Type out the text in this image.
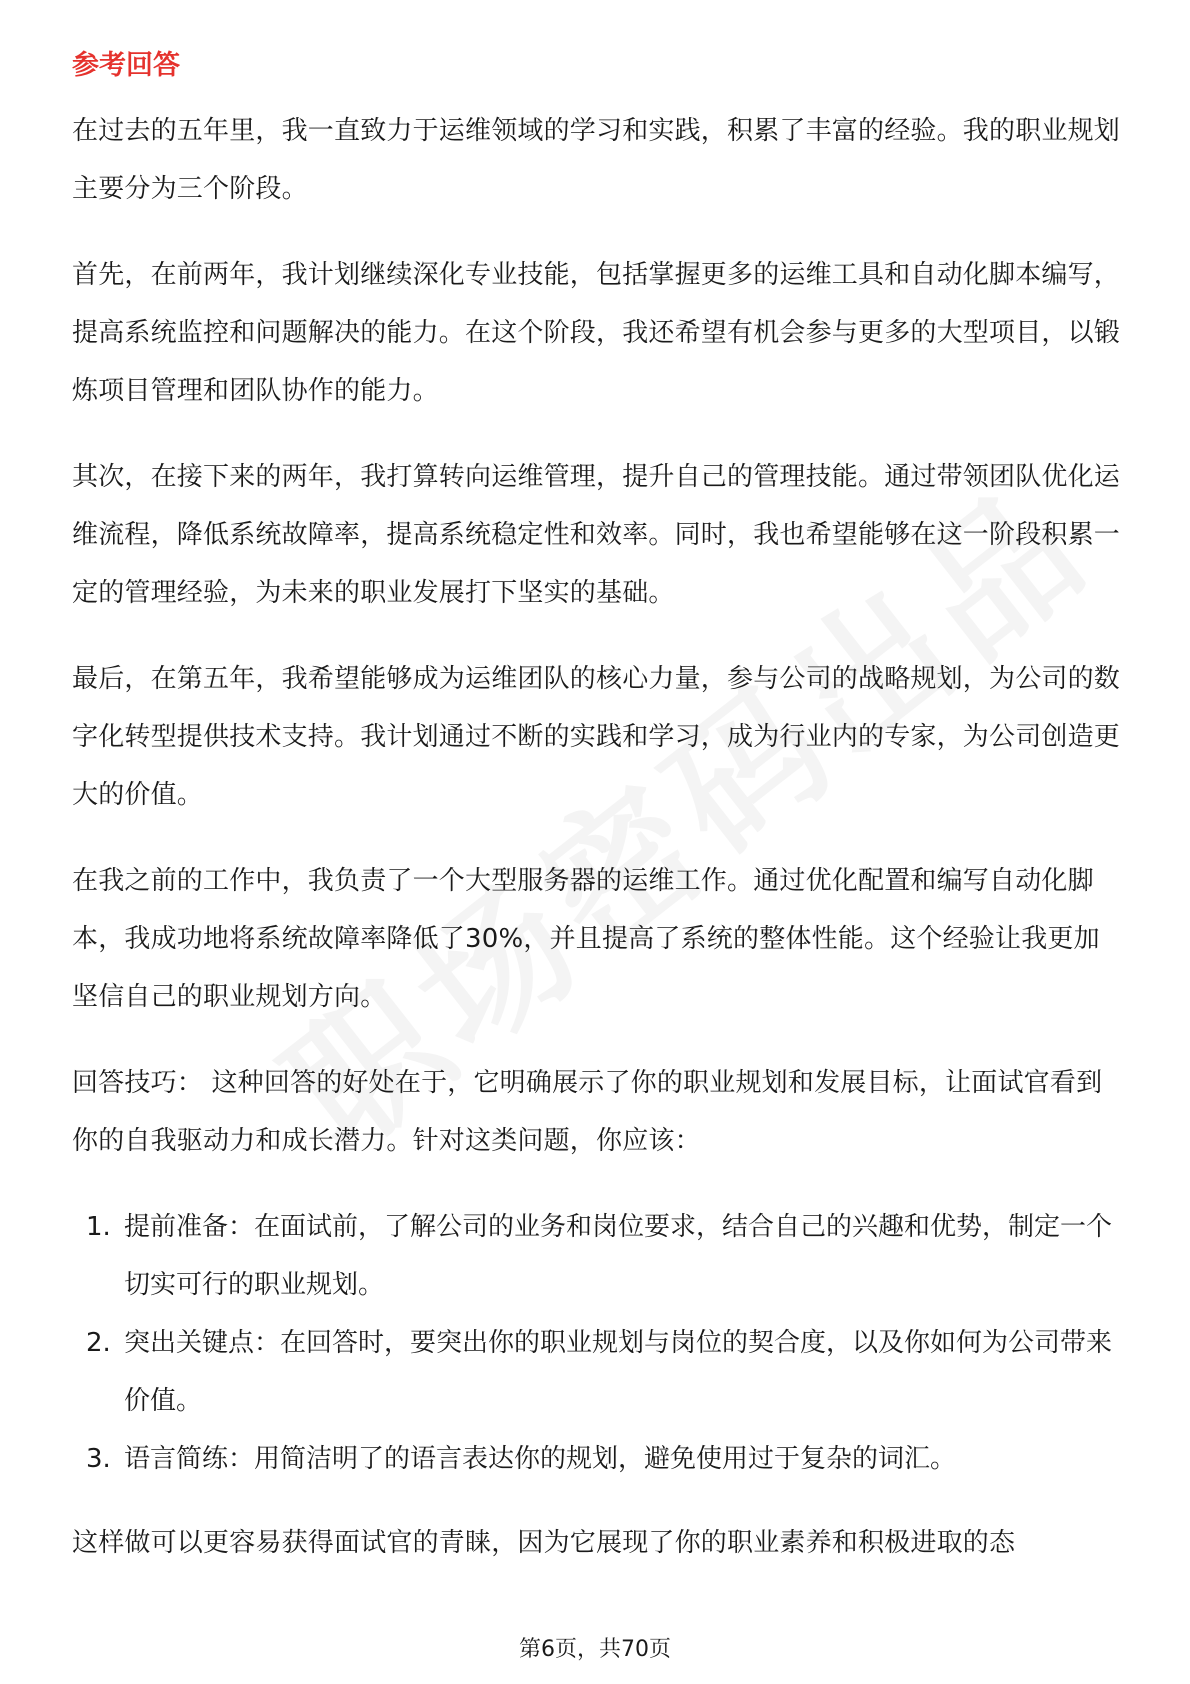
参考回答

在过去的五年里，我一直致力于运维领域的学习和实践，积累了丰富的经验。我的职业规划主要分为三个阶段。

首先，在前两年，我计划继续深化专业技能，包括掌握更多的运维工具和自动化脚本编写，提高系统监控和问题解决的能力。在这个阶段，我还希望有机会参与更多的大型项目，以锻炼项目管理和团队协作的能力。

其次，在接下来的两年，我打算转向运维管理，提升自己的管理技能。通过带领团队优化运维流程，降低系统故障率，提高系统稳定性和效率。同时，我也希望能够在这一阶段积累一定的管理经验，为未来的职业发展打下坚实的基础。

最后，在第五年，我希望能够成为运维团队的核心力量，参与公司的战略规划，为公司的数字化转型提供技术支持。我计划通过不断的实践和学习，成为行业内的专家，为公司创造更大的价值。

在我之前的工作中，我负责了一个大型服务器的运维工作。通过优化配置和编写自动化脚本，我成功地将系统故障率降低了30%，并且提高了系统的整体性能。这个经验让我更加坚信自己的职业规划方向。

回答技巧： 这种回答的好处在于，它明确展示了你的职业规划和发展目标，让面试官看到你的自我驱动力和成长潜力。针对这类问题，你应该：

1. 提前准备：在面试前，了解公司的业务和岗位要求，结合自己的兴趣和优势，制定一个切实可行的职业规划。
2. 突出关键点：在回答时，要突出你的职业规划与岗位的契合度，以及你如何为公司带来价值。
3. 语言简练：用简洁明了的语言表达你的规划，避免使用过于复杂的词汇。

这样做可以更容易获得面试官的青睐，因为它展现了你的职业素养和积极进取的态

第6页，共70页
